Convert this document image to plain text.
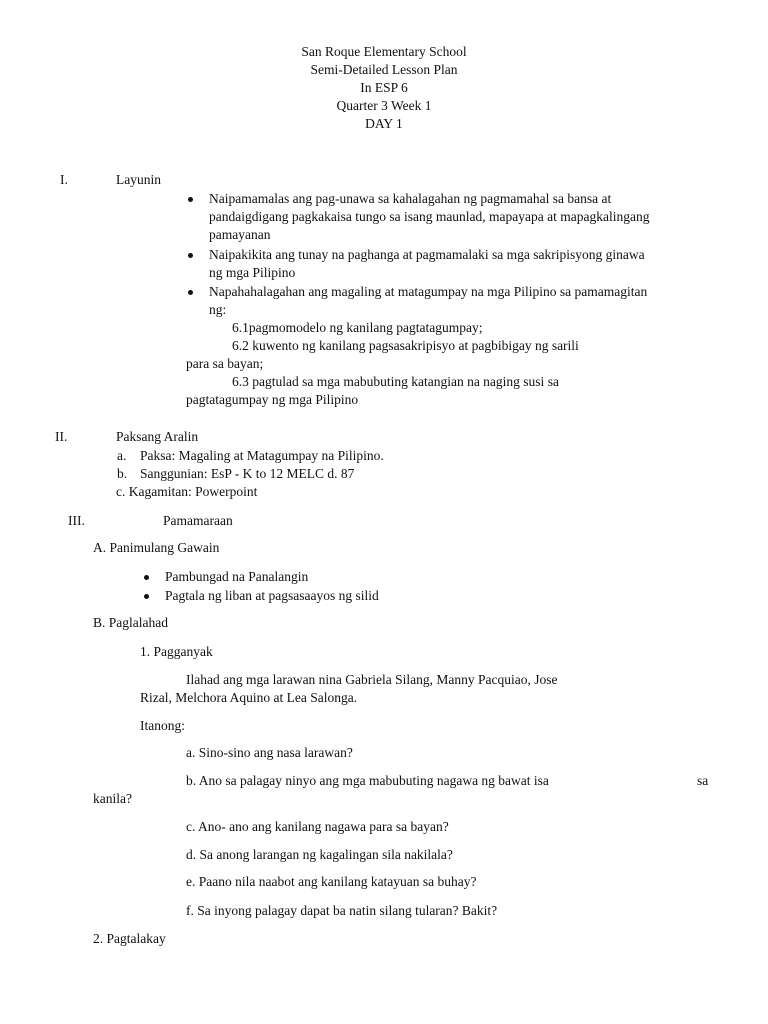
San Roque Elementary School
Semi-Detailed Lesson Plan
In ESP 6
Quarter 3 Week 1
DAY 1
I.	Layunin
Naipamamalas ang pag-unawa sa kahalagahan ng pagmamahal sa bansa at
pandaigdigang pagkakaisa tungo sa isang maunlad, mapayapa at mapagkalingang
pamayanan
Naipakikita ang tunay na paghanga at pagmamalaki sa mga sakripisyong ginawa
ng mga Pilipino
Napahahalagahan ang magaling at matagumpay na mga Pilipino sa pamamagitan
ng:
6.1pagmomodelo ng kanilang pagtatagumpay;
6.2 kuwento ng kanilang pagsasakripisyo at pagbibigay ng sarili
para sa bayan;
6.3 pagtulad sa mga mabubuting katangian na naging susi sa
pagtatagumpay ng mga Pilipino
II.	Paksang Aralin
a. Paksa: Magaling at Matagumpay na Pilipino.
b. Sanggunian: EsP - K to 12 MELC d. 87
c. Kagamitan: Powerpoint
III.	Pamamaraan
A. Panimulang Gawain
Pambungad na Panalangin
Pagtala ng liban at pagsasaayos ng silid
B. Paglalahad
1. Pagganyak
Ilahad ang mga larawan nina Gabriela Silang, Manny Pacquiao, Jose
Rizal, Melchora Aquino at Lea Salonga.
Itanong:
a. Sino-sino ang nasa larawan?
b. Ano sa palagay ninyo ang mga mabubuting nagawa ng bawat isa	sa
kanila?
c. Ano- ano ang kanilang nagawa para sa bayan?
d. Sa anong larangan ng kagalingan sila nakilala?
e. Paano nila naabot ang kanilang katayuan sa buhay?
f. Sa inyong palagay dapat ba natin silang tularan? Bakit?
2. Pagtalakay
